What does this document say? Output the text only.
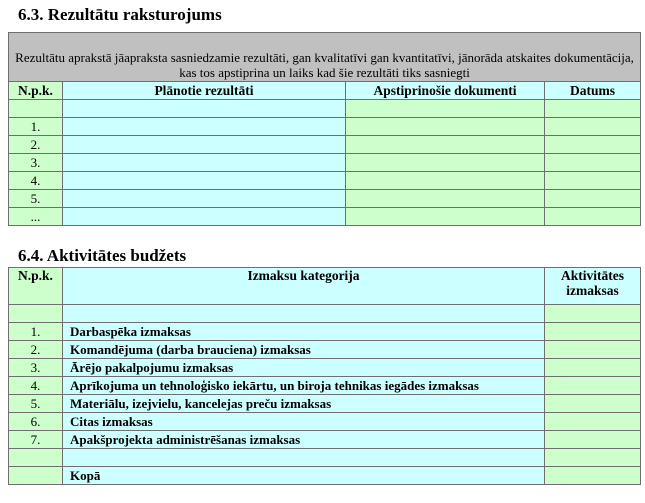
6.3. Rezultātu raksturojums
Rezultātu aprakstā jāapraksta sasniedzamie rezultāti, gan kvalitatīvi gan kvantitatīvi, jānorāda atskaites dokumentācija, kas tos apstiprina un laiks kad šie rezultāti tiks sasniegti			
N.p.k.	Plānotie rezultāti	Apstiprinošie dokumenti	Datums

1.			
2.			
3.			
4.			
5.			
...			
6.4. Aktivitātes budžets
N.p.k.	Izmaksu kategorija	Aktivitātes izmaksas

1.	Darbaspēka izmaksas	
2.	Komandējuma (darba brauciena) izmaksas	
3.	Ārējo pakalpojumu izmaksas	
4.	Aprīkojuma un tehnoloģisko iekārtu, un biroja tehnikas iegādes izmaksas	
5.	Materiālu, izejvielu, kancelejas preču izmaksas	
6.	Citas izmaksas	
7.	Apakšprojekta administrēšanas izmaksas	

	Kopā	
